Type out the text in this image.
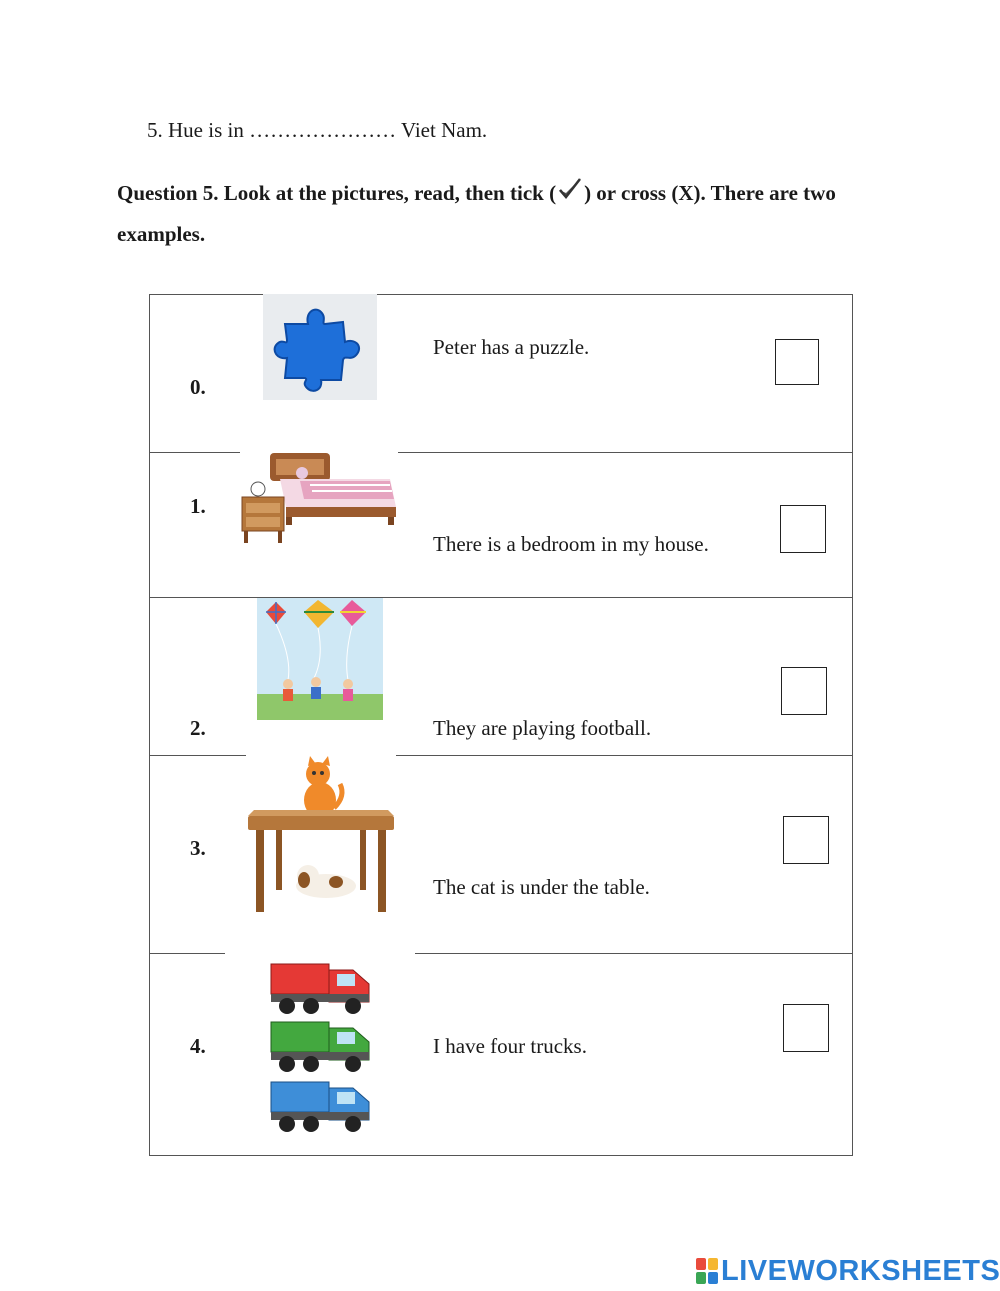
5. Hue is in ………………… Viet Nam.
Question 5. Look at the pictures, read, then tick ( ) or cross (X). There are two examples.
0.
Peter has a puzzle.
1.
There is a bedroom in my house.
2.	They are playing football.
3.
The cat is under the table.
4.	I have four trucks.
LIVEWORKSHEETS
